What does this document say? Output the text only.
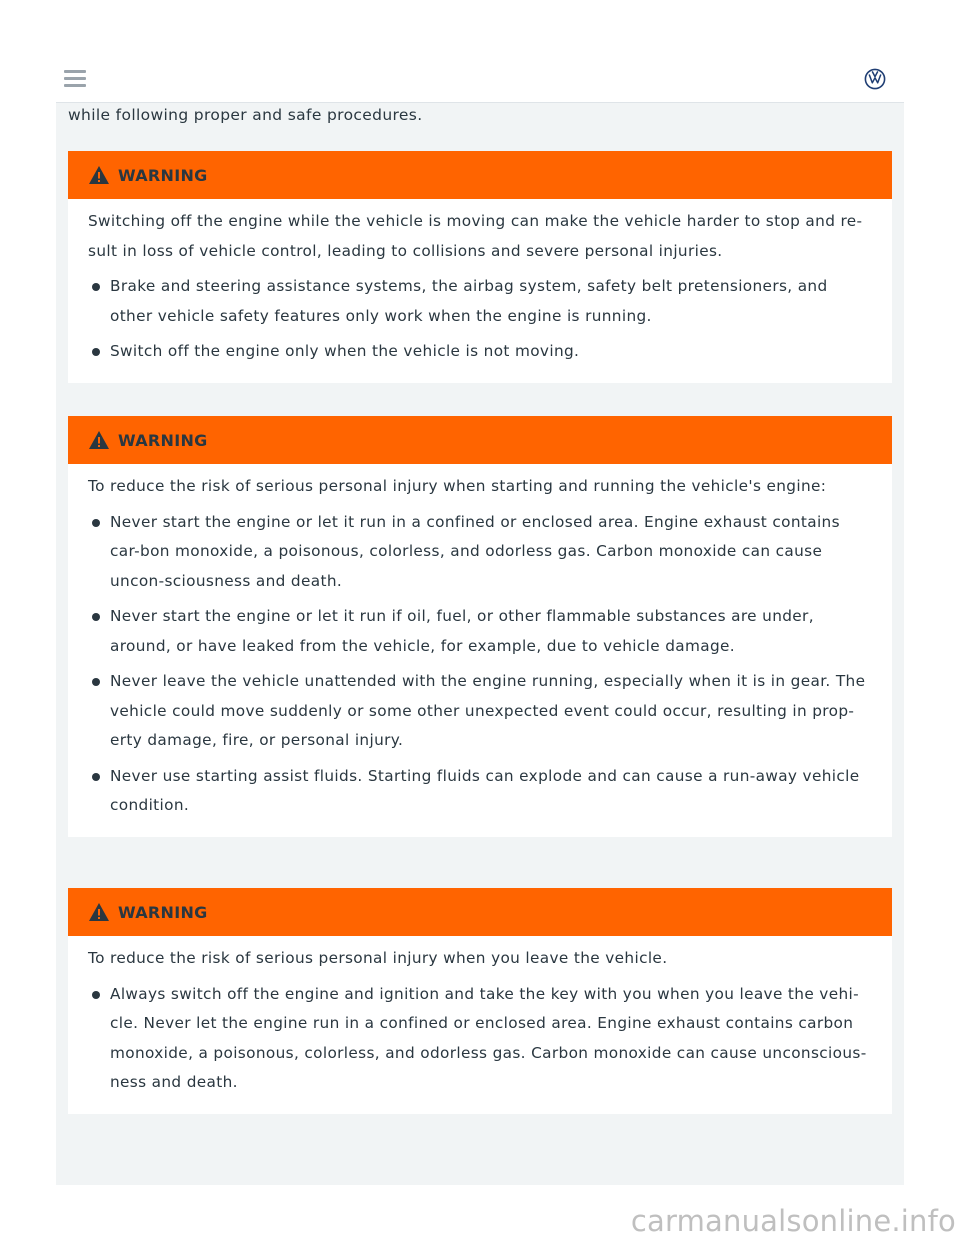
while following proper and safe procedures.
WARNING

Switching off the engine while the vehicle is moving can make the vehicle harder to stop and re-sult in loss of vehicle control, leading to collisions and severe personal injuries.

Brake and steering assistance systems, the airbag system, safety belt pretensioners, and other vehicle safety features only work when the engine is running.
Switch off the engine only when the vehicle is not moving.
WARNING

To reduce the risk of serious personal injury when starting and running the vehicle's engine:

Never start the engine or let it run in a confined or enclosed area. Engine exhaust contains car-bon monoxide, a poisonous, colorless, and odorless gas. Carbon monoxide can cause uncon-sciousness and death.
Never start the engine or let it run if oil, fuel, or other flammable substances are under, around, or have leaked from the vehicle, for example, due to vehicle damage.
Never leave the vehicle unattended with the engine running, especially when it is in gear. The vehicle could move suddenly or some other unexpected event could occur, resulting in prop-erty damage, fire, or personal injury.
Never use starting assist fluids. Starting fluids can explode and can cause a run-away vehicle condition.
WARNING

To reduce the risk of serious personal injury when you leave the vehicle.

Always switch off the engine and ignition and take the key with you when you leave the vehi-cle. Never let the engine run in a confined or enclosed area. Engine exhaust contains carbon monoxide, a poisonous, colorless, and odorless gas. Carbon monoxide can cause unconscious-ness and death.
carmanualsonline.info
